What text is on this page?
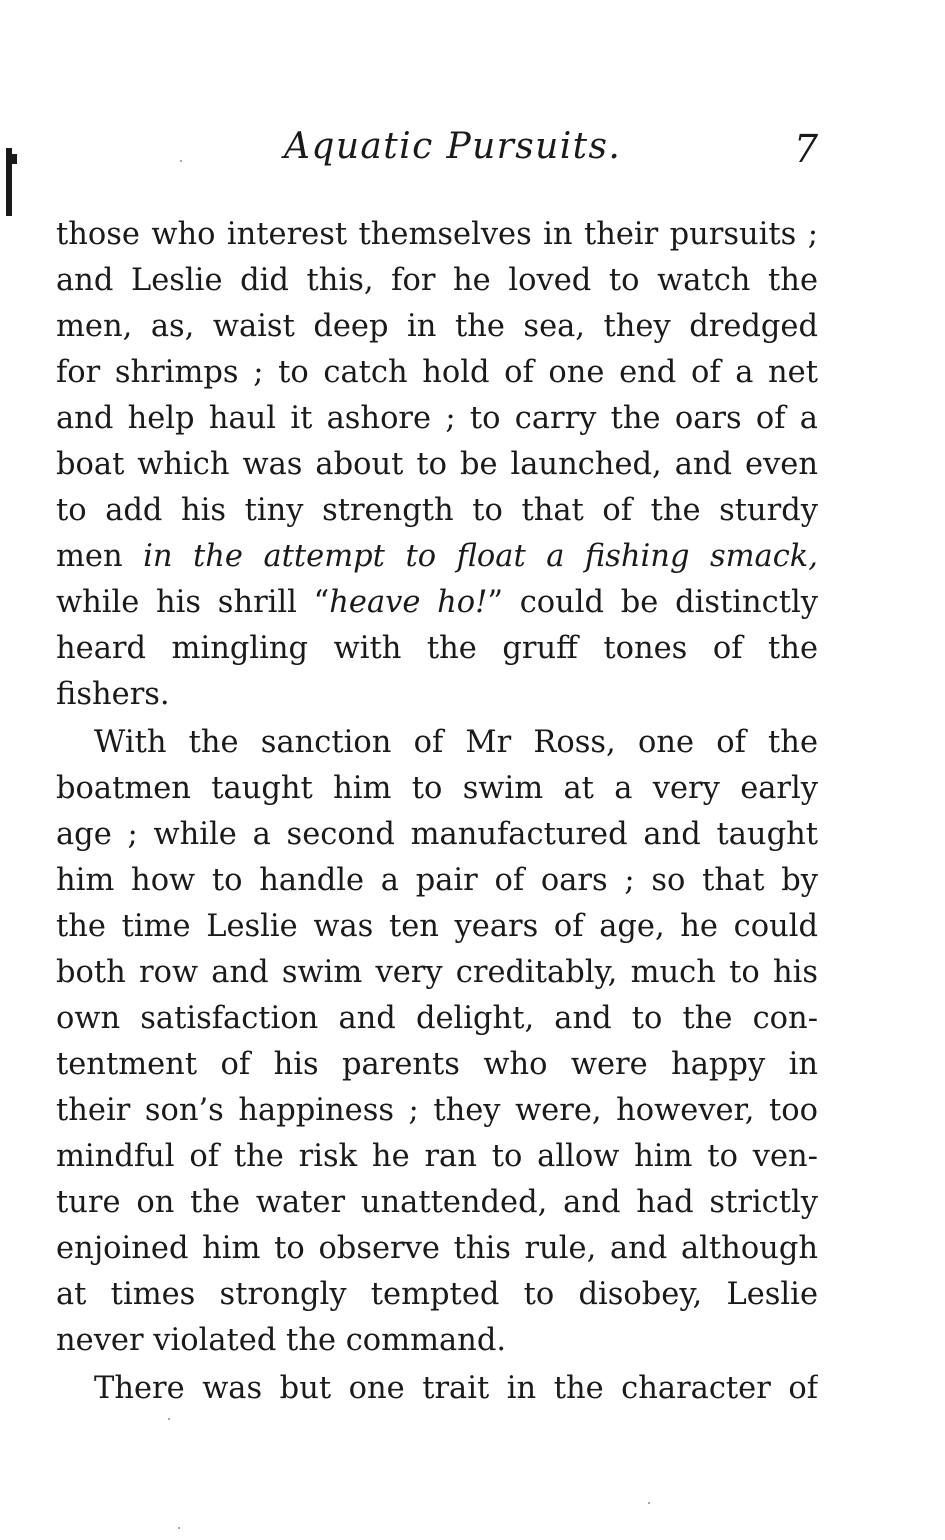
Aquatic Pursuits.	7
those who interest themselves in their pursuits ;
and Leslie did this, for he loved to watch the
men, as, waist deep in the sea, they dredged
for shrimps ; to catch hold of one end of a net
and help haul it ashore ; to carry the oars of a
boat which was about to be launched, and even
to add his tiny strength to that of the sturdy
men in the attempt to float a fishing smack,
while his shrill “heave ho!” could be distinctly
heard mingling with the gruff tones of the
fishers.
With the sanction of Mr Ross, one of the
boatmen taught him to swim at a very early
age ; while a second manufactured and taught
him how to handle a pair of oars ; so that by
the time Leslie was ten years of age, he could
both row and swim very creditably, much to his
own satisfaction and delight, and to the con-
tentment of his parents who were happy in
their son’s happiness ; they were, however, too
mindful of the risk he ran to allow him to ven-
ture on the water unattended, and had strictly
enjoined him to observe this rule, and although
at times strongly tempted to disobey, Leslie
never violated the command.
There was but one trait in the character of
